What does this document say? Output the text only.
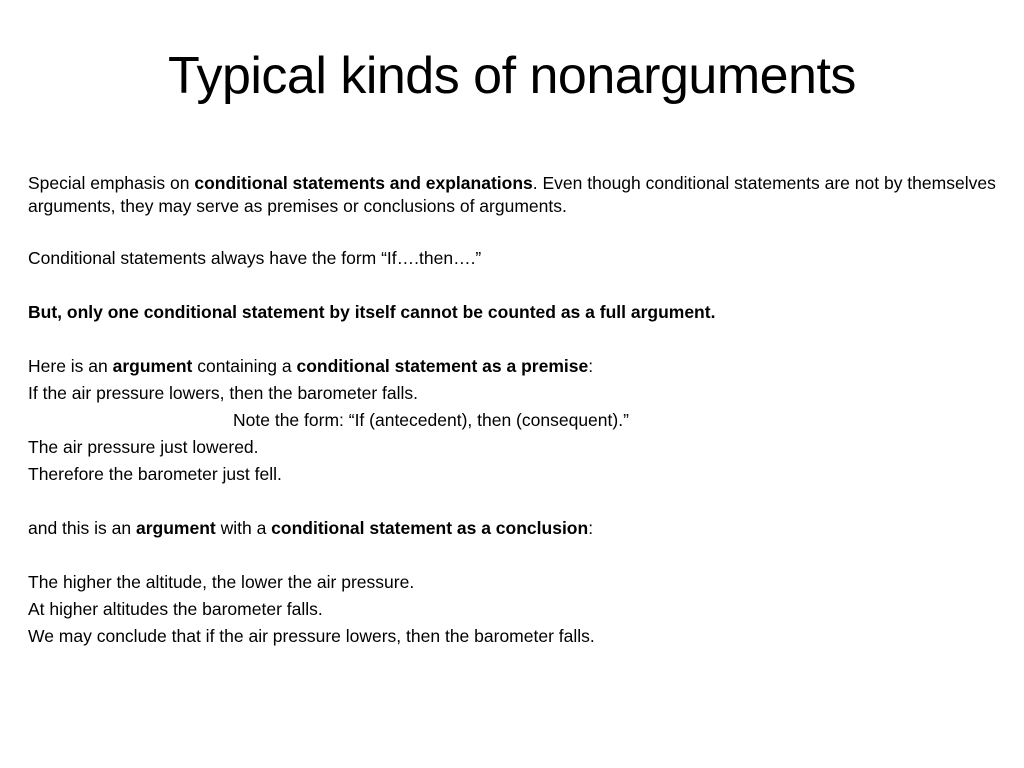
Typical kinds of nonarguments
Special emphasis on conditional statements and explanations. Even though conditional statements are not by themselves arguments, they may serve as premises or conclusions of arguments.
Conditional statements always have the form “If….then….”
But, only one conditional statement by itself cannot be counted as a full argument.
Here is an argument containing a conditional statement as a premise:
If the air pressure lowers, then the barometer falls.
Note the form: “If (antecedent), then (consequent).”
The air pressure just lowered.
Therefore the barometer just fell.
and this is an argument with a conditional statement as a conclusion:
The higher the altitude, the lower the air pressure.
At higher altitudes the barometer falls.
We may conclude that if the air pressure lowers, then the barometer falls.
